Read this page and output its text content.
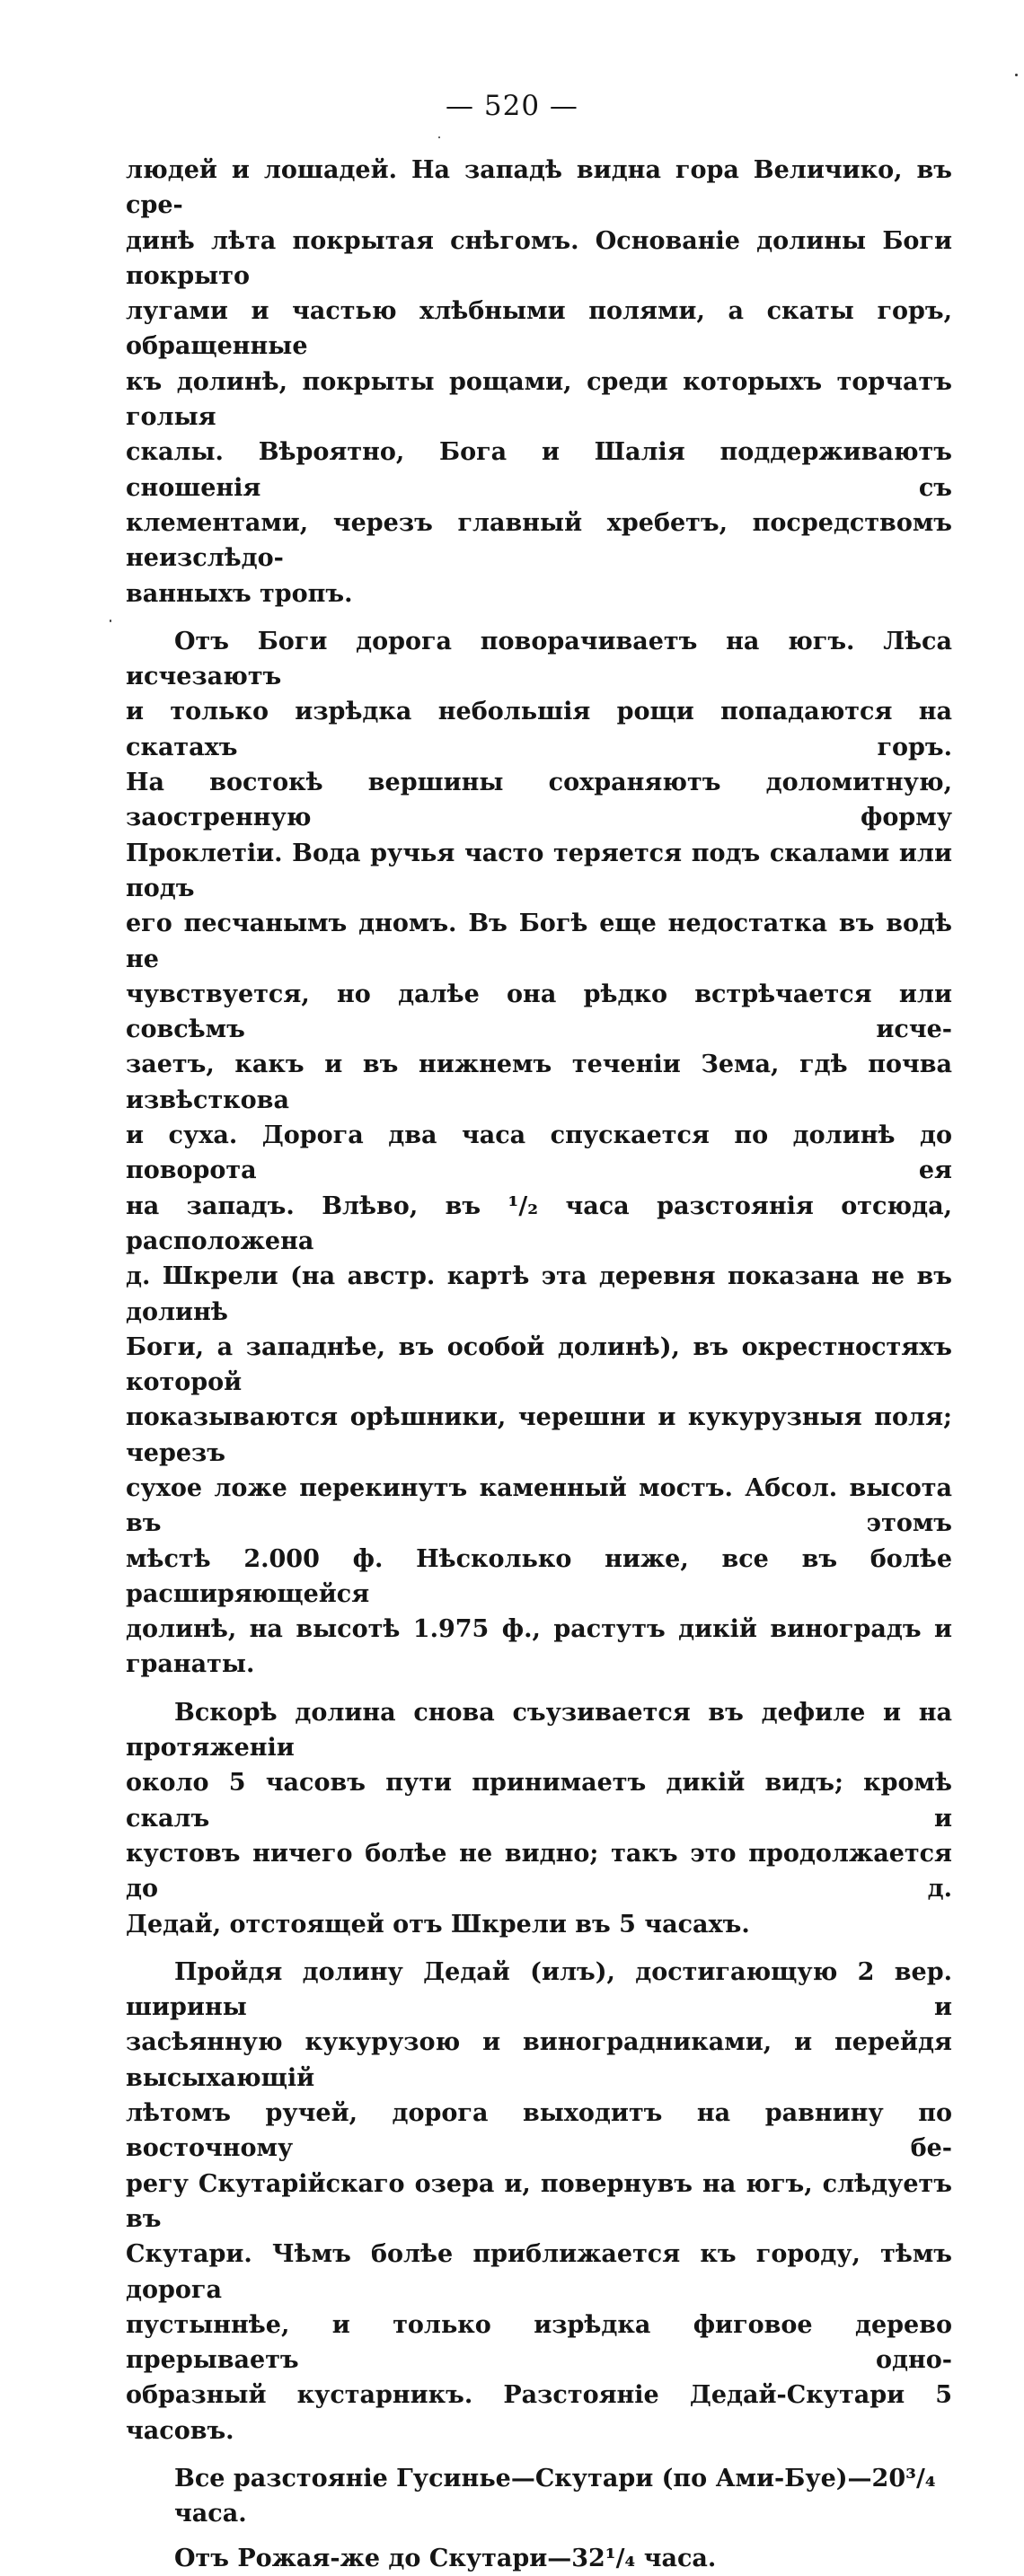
— 520 —

людей и лошадей. На западѣ видна гора Величико, въ сре-
динѣ лѣта покрытая снѣгомъ. Основаніе долины Боги покрыто
лугами и частью хлѣбными полями, а скаты горъ, обращенные
къ долинѣ, покрыты рощами, среди которыхъ торчатъ голыя
скалы. Вѣроятно, Бога и Шалія поддерживаютъ сношенія съ
клементами, черезъ главный хребетъ, посредствомъ неизслѣдо-
ванныхъ тропъ.

Отъ Боги дорога поворачиваетъ на югъ. Лѣса исчезаютъ
и только изрѣдка небольшія рощи попадаются на скатахъ горъ.
На востокѣ вершины сохраняютъ доломитную, заостренную форму
Проклетіи. Вода ручья часто теряется подъ скалами или подъ
его песчанымъ дномъ. Въ Богѣ еще недостатка въ водѣ не
чувствуется, но далѣе она рѣдко встрѣчается или совсѣмъ исче-
заетъ, какъ и въ нижнемъ теченіи Зема, гдѣ почва извѣсткова
и суха. Дорога два часа спускается по долинѣ до поворота ея
на западъ. Влѣво, въ ¹/₂ часа разстоянія отсюда, расположена
д. Шкрели (на австр. картѣ эта деревня показана не въ долинѣ
Боги, а западнѣе, въ особой долинѣ), въ окрестностяхъ которой
показываются орѣшники, черешни и кукурузныя поля; черезъ
сухое ложе перекинутъ каменный мостъ. Абсол. высота въ этомъ
мѣстѣ 2.000 ф. Нѣсколько ниже, все въ болѣе расширяющейся
долинѣ, на высотѣ 1.975 ф., растутъ дикій виноградъ и гранаты.

Вскорѣ долина снова съузивается въ дефиле и на протяженіи
около 5 часовъ пути принимаетъ дикій видъ; кромѣ скалъ и
кустовъ ничего болѣе не видно; такъ это продолжается до д.
Дедай, отстоящей отъ Шкрели въ 5 часахъ.

Пройдя долину Дедай (илъ), достигающую 2 вер. ширины и
засѣянную кукурузою и виноградниками, и перейдя высыхающій
лѣтомъ ручей, дорога выходитъ на равнину по восточному бе-
регу Скутарійскаго озера и, повернувъ на югъ, слѣдуетъ въ
Скутари. Чѣмъ болѣе приближается къ городу, тѣмъ дорога
пустыннѣе, и только изрѣдка фиговое дерево прерываетъ одно-
образный кустарникъ. Разстояніе Дедай-Скутари 5 часовъ.

Все разстояніе Гусинье—Скутари (по Ами-Буе)—20³/₄ часа.

Отъ Рожая-же до Скутари—32¹/₄ часа.
